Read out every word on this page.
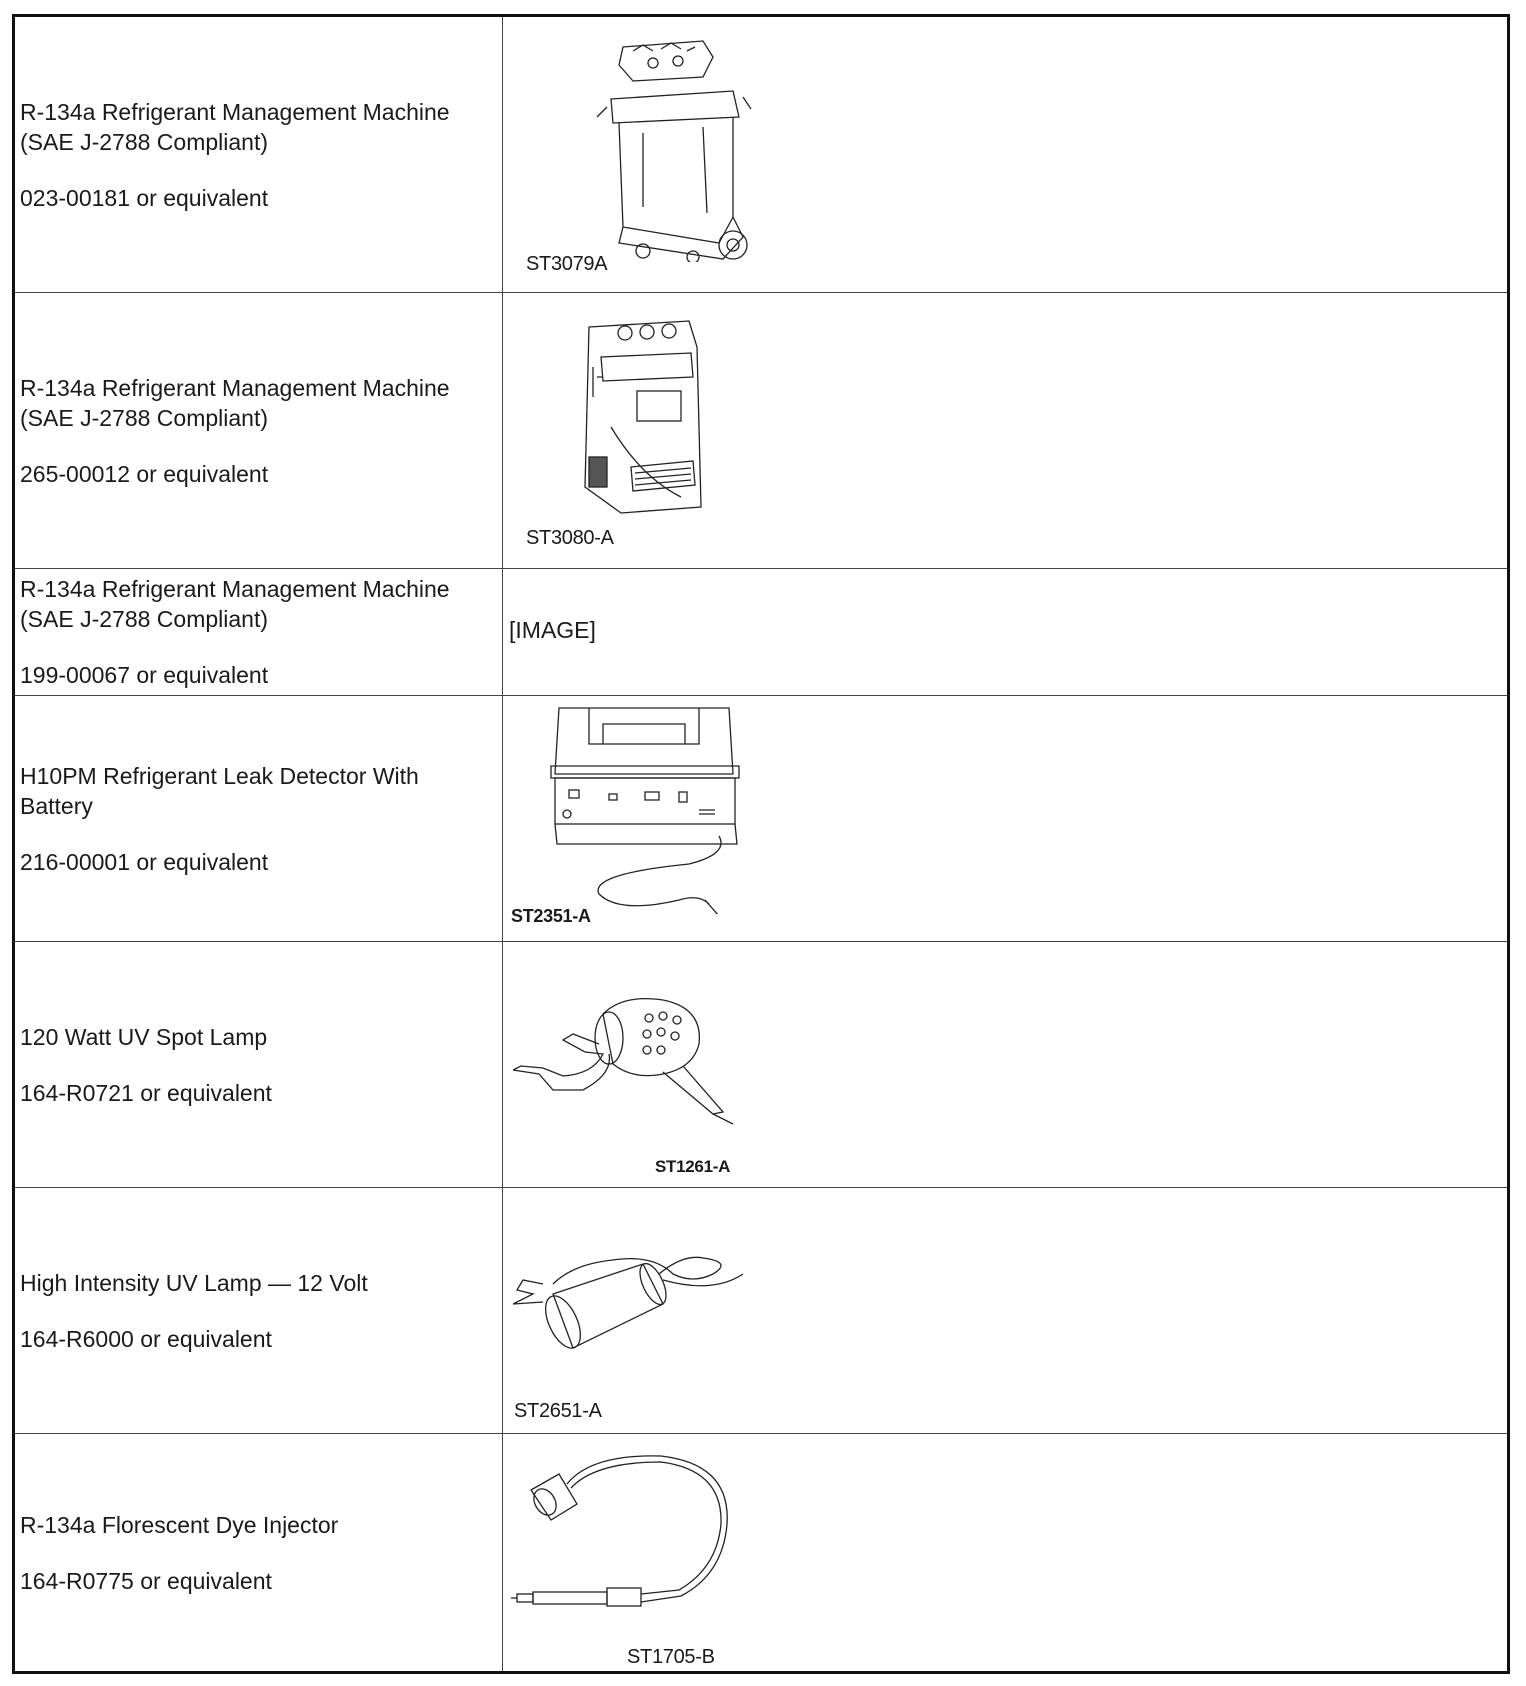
R-134a Refrigerant Management Machine
(SAE J-2788 Compliant)

023-00181 or equivalent

ST3079A

R-134a Refrigerant Management Machine
(SAE J-2788 Compliant)

265-00012 or equivalent

ST3080-A

R-134a Refrigerant Management Machine
(SAE J-2788 Compliant)

199-00067 or equivalent

[IMAGE]

H10PM Refrigerant Leak Detector With
Battery

216-00001 or equivalent

ST2351-A

120 Watt UV Spot Lamp

164-R0721 or equivalent

ST1261-A

High Intensity UV Lamp — 12 Volt

164-R6000 or equivalent

ST2651-A

R-134a Florescent Dye Injector

164-R0775 or equivalent

ST1705-B
